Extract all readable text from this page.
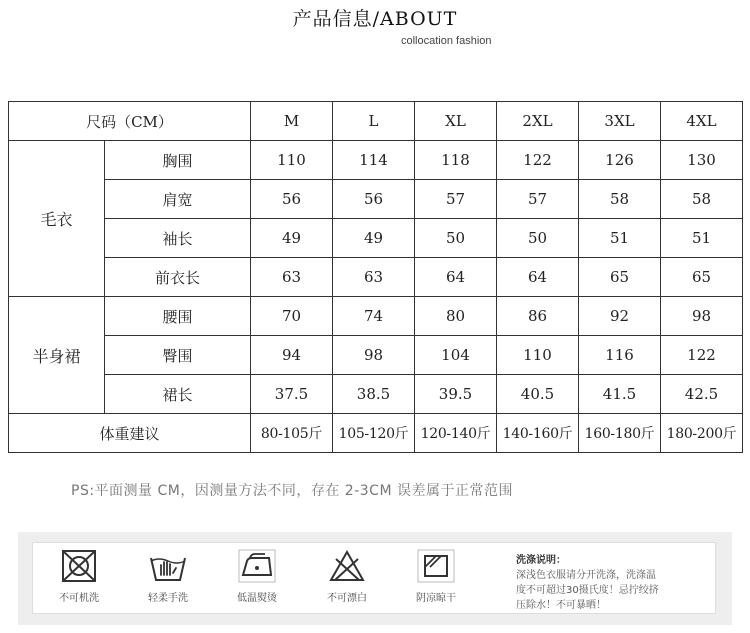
产品信息/ABOUT
collocation fashion
尺码（CM）		M	L	XL	2XL	3XL	4XL
毛衣	胸围	110	114	118	122	126	130
	肩宽	56	56	57	57	58	58
	袖长	49	49	50	50	51	51
	前衣长	63	63	64	64	65	65
半身裙	腰围	70	74	80	86	92	98
	臀围	94	98	104	110	116	122
	裙长	37.5	38.5	39.5	40.5	41.5	42.5
体重建议		80-105斤	105-120斤	120-140斤	140-160斤	160-180斤	180-200斤
PS:平面测量 CM，因测量方法不同，存在 2-3CM 误差属于正常范围
不可机洗	轻柔手洗	低温熨烫	不可漂白	阴凉晾干
洗涤说明：
深浅色衣服请分开洗涤，洗涤温
度不可超过30摄氏度！忌拧绞挤
压除水！不可暴晒！
